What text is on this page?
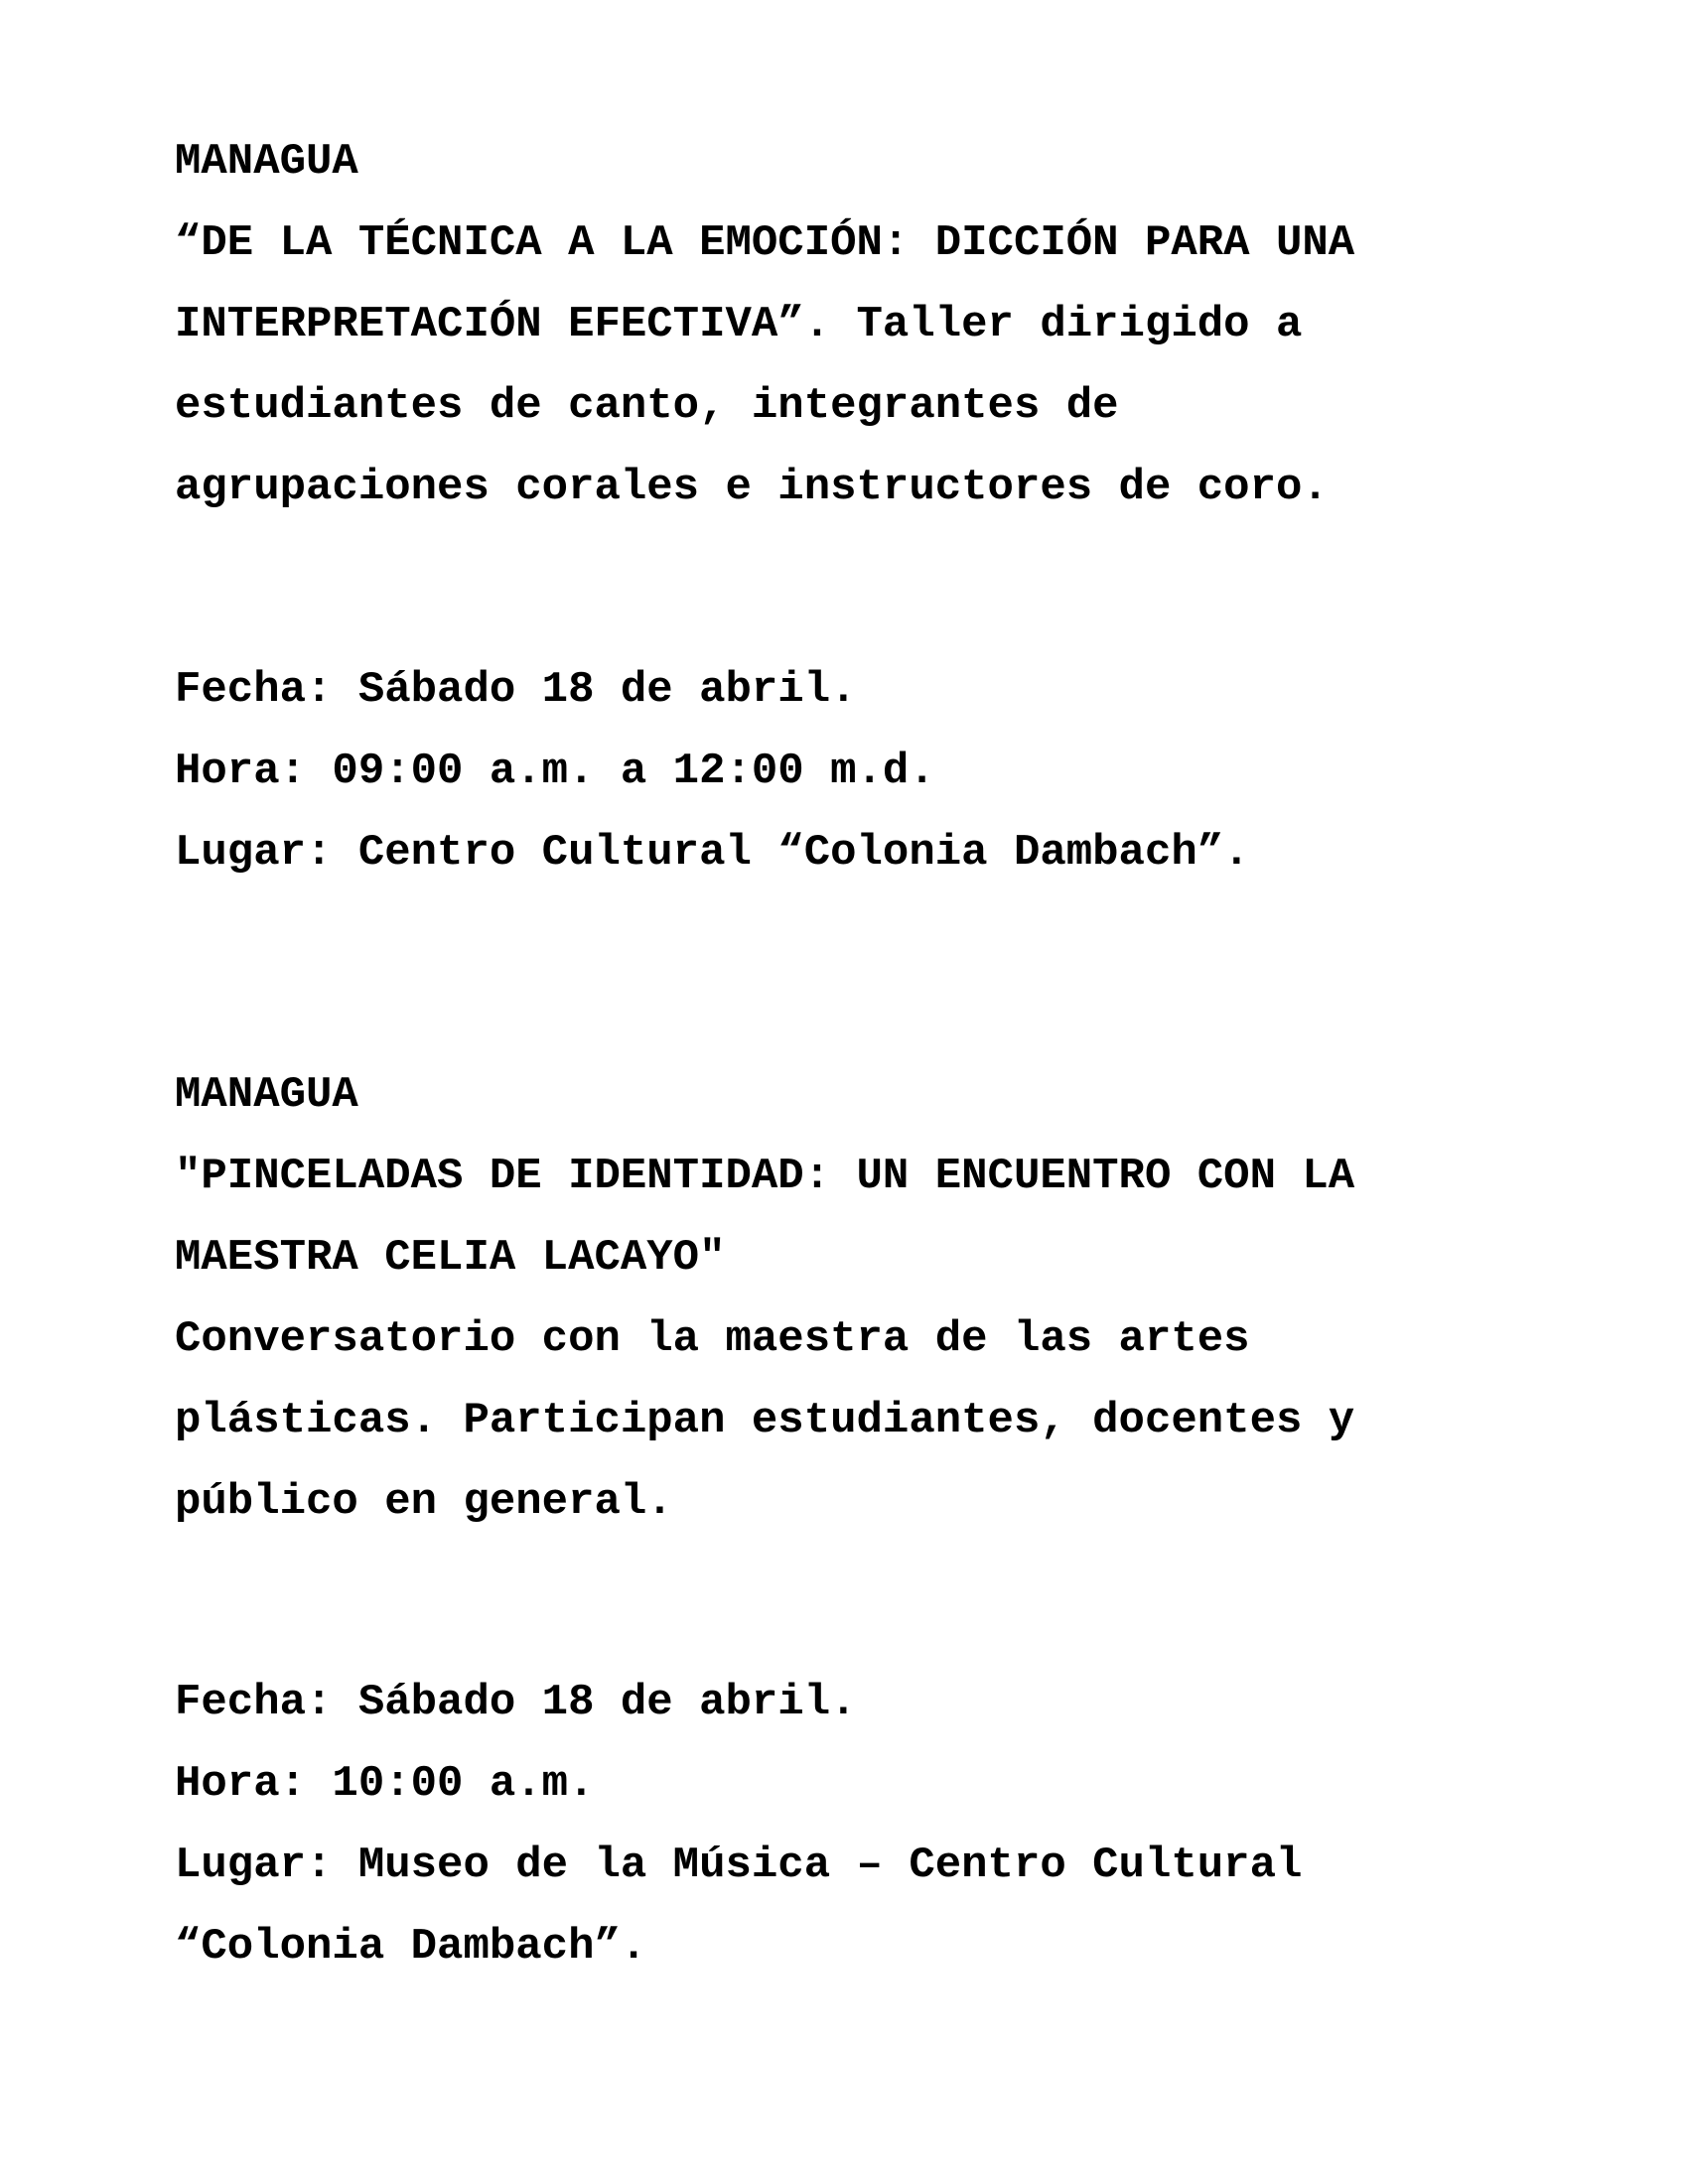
MANAGUA

“DE LA TÉCNICA A LA EMOCIÓN: DICCIÓN PARA UNA

INTERPRETACIÓN EFECTIVA”. Taller dirigido a

estudiantes de canto, integrantes de

agrupaciones corales e instructores de coro.

Fecha: Sábado 18 de abril.

Hora: 09:00 a.m. a 12:00 m.d.

Lugar: Centro Cultural “Colonia Dambach”.

MANAGUA

"PINCELADAS DE IDENTIDAD: UN ENCUENTRO CON LA

MAESTRA CELIA LACAYO"

Conversatorio con la maestra de las artes

plásticas. Participan estudiantes, docentes y

público en general.

Fecha: Sábado 18 de abril.

Hora: 10:00 a.m.

Lugar: Museo de la Música – Centro Cultural

“Colonia Dambach”.
